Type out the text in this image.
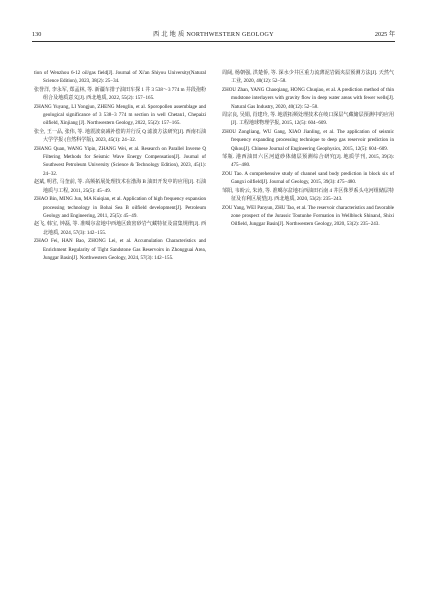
130	西 北 地 质 NORTHWESTERN GEOLOGY	2025 年

tion of Wenzhou 6-12 oil/gas field[J]. Journal of Xi'an Shiyou University(Natural Science Edition), 2023, 38(2): 25−34.

张誉洋, 李永军, 郑孟林, 等. 新疆车排子油田车探 1 井 3 538～3 774 m 井段孢粉组合及地质意义[J]. 西北地质, 2022, 55(2): 157−165.

ZHANG Yuyang, LI Yongjun, ZHENG Menglin, et al. Sporopollen assemblage and geological significance of 3 538−3 774 m section in well Chetan1, Chepaizi oilfield, Xinjiang [J]. Northwestern Geology, 2022, 55(2): 157−165.

张全, 王一品, 张伟, 等. 地震波衰减补偿的并行反 Q 滤波方法研究[J]. 西南石油大学学报 (自然科学版), 2023, 45(1): 24−32.

ZHANG Quan, WANG Yipin, ZHANG Wei, et al. Research on Parallel Inverse Q Filtering Methods for Seismic Wave Energy Compensation[J]. Journal of Southwest Petroleum University (Science & Technology Edition), 2023, 45(1): 24−32.

赵斌, 明君, 马奎前, 等. 高频拓展处理技术在渤海 B 油田开发中的应用[J]. 石油地质与工程, 2011, 25(5): 45−49.

ZHAO Bin, MING Jun, MA Kuiqian, et al. Application of high frequency expansion processing technology in Bohai Sea B oilfield development[J]. Petroleum Geology and Engineering, 2011, 25(5): 45−49.

赵飞, 韩宝, 钟磊, 等. 准噶尔盆地中西地区致密砂岩气藏特征及富集规律[J]. 西北地质, 2024, 57(3): 142−155.

ZHAO Fei, HAN Bao, ZHONG Lei, et al. Accumulation Characteristics and Enrichment Regularity of Tight Sandstone Gas Reservoirs in Zhongguai Area, Junggar Basin[J]. Northwestern Geology, 2024, 57(3): 142−155.

周阔, 杨朝强, 洪楚侨, 等. 深水少井区重力流薄泥岩隔夹层预测方法[J]. 天然气工业, 2020, 40(12): 52−58.

ZHOU Zhan, YANG Chaoqiang, HONG Chuqiao, et al. A prediction method of thin mudstone interlayers with gravity flow in deep water areas with fewer wells[J]. Natural Gas Industry, 2020, 40(12): 52−58.

周宗良, 吴娟, 肖建玲, 等. 地震拓频处理技术在岐口深层气藏储层预测中的应用[J]. 工程地球物理学报, 2015, 12(5): 604−609.

ZHOU Zongliang, WU Gang, XIAO Jianling, et al. The application of seismic frequency expanding processing technique to deep gas reservoir prediction in Qikou[J]. Chinese Journal of Engineering Geophysics, 2015, 12(5): 604−609.

邹瓶. 港西油田六区河道砂体储层预测综合研究[J]. 地质学刊, 2015, 39(3): 475−480.

ZOU Tao. A comprehensive study of channel sand body prediction in block six of Gangxi oilfield[J]. Journal of Geology, 2015, 39(3): 475−480.

邹阳, 韦盼云, 朱涛, 等. 准噶尔盆地石西油田石南 4 井区侏罗系头屯河组储层特征及有利区展望[J]. 西北地质, 2020, 53(2): 235−243.

ZOU Yang, WEI Panyun, ZHU Tao, et al. The reservoir characteristics and favorable zone prospect of the Jurassic Toutunhe Formation in Wellblock Shinan4, Shixi Oilfield, Junggar Basin[J]. Northwestern Geology, 2020, 53(2): 235−243.
